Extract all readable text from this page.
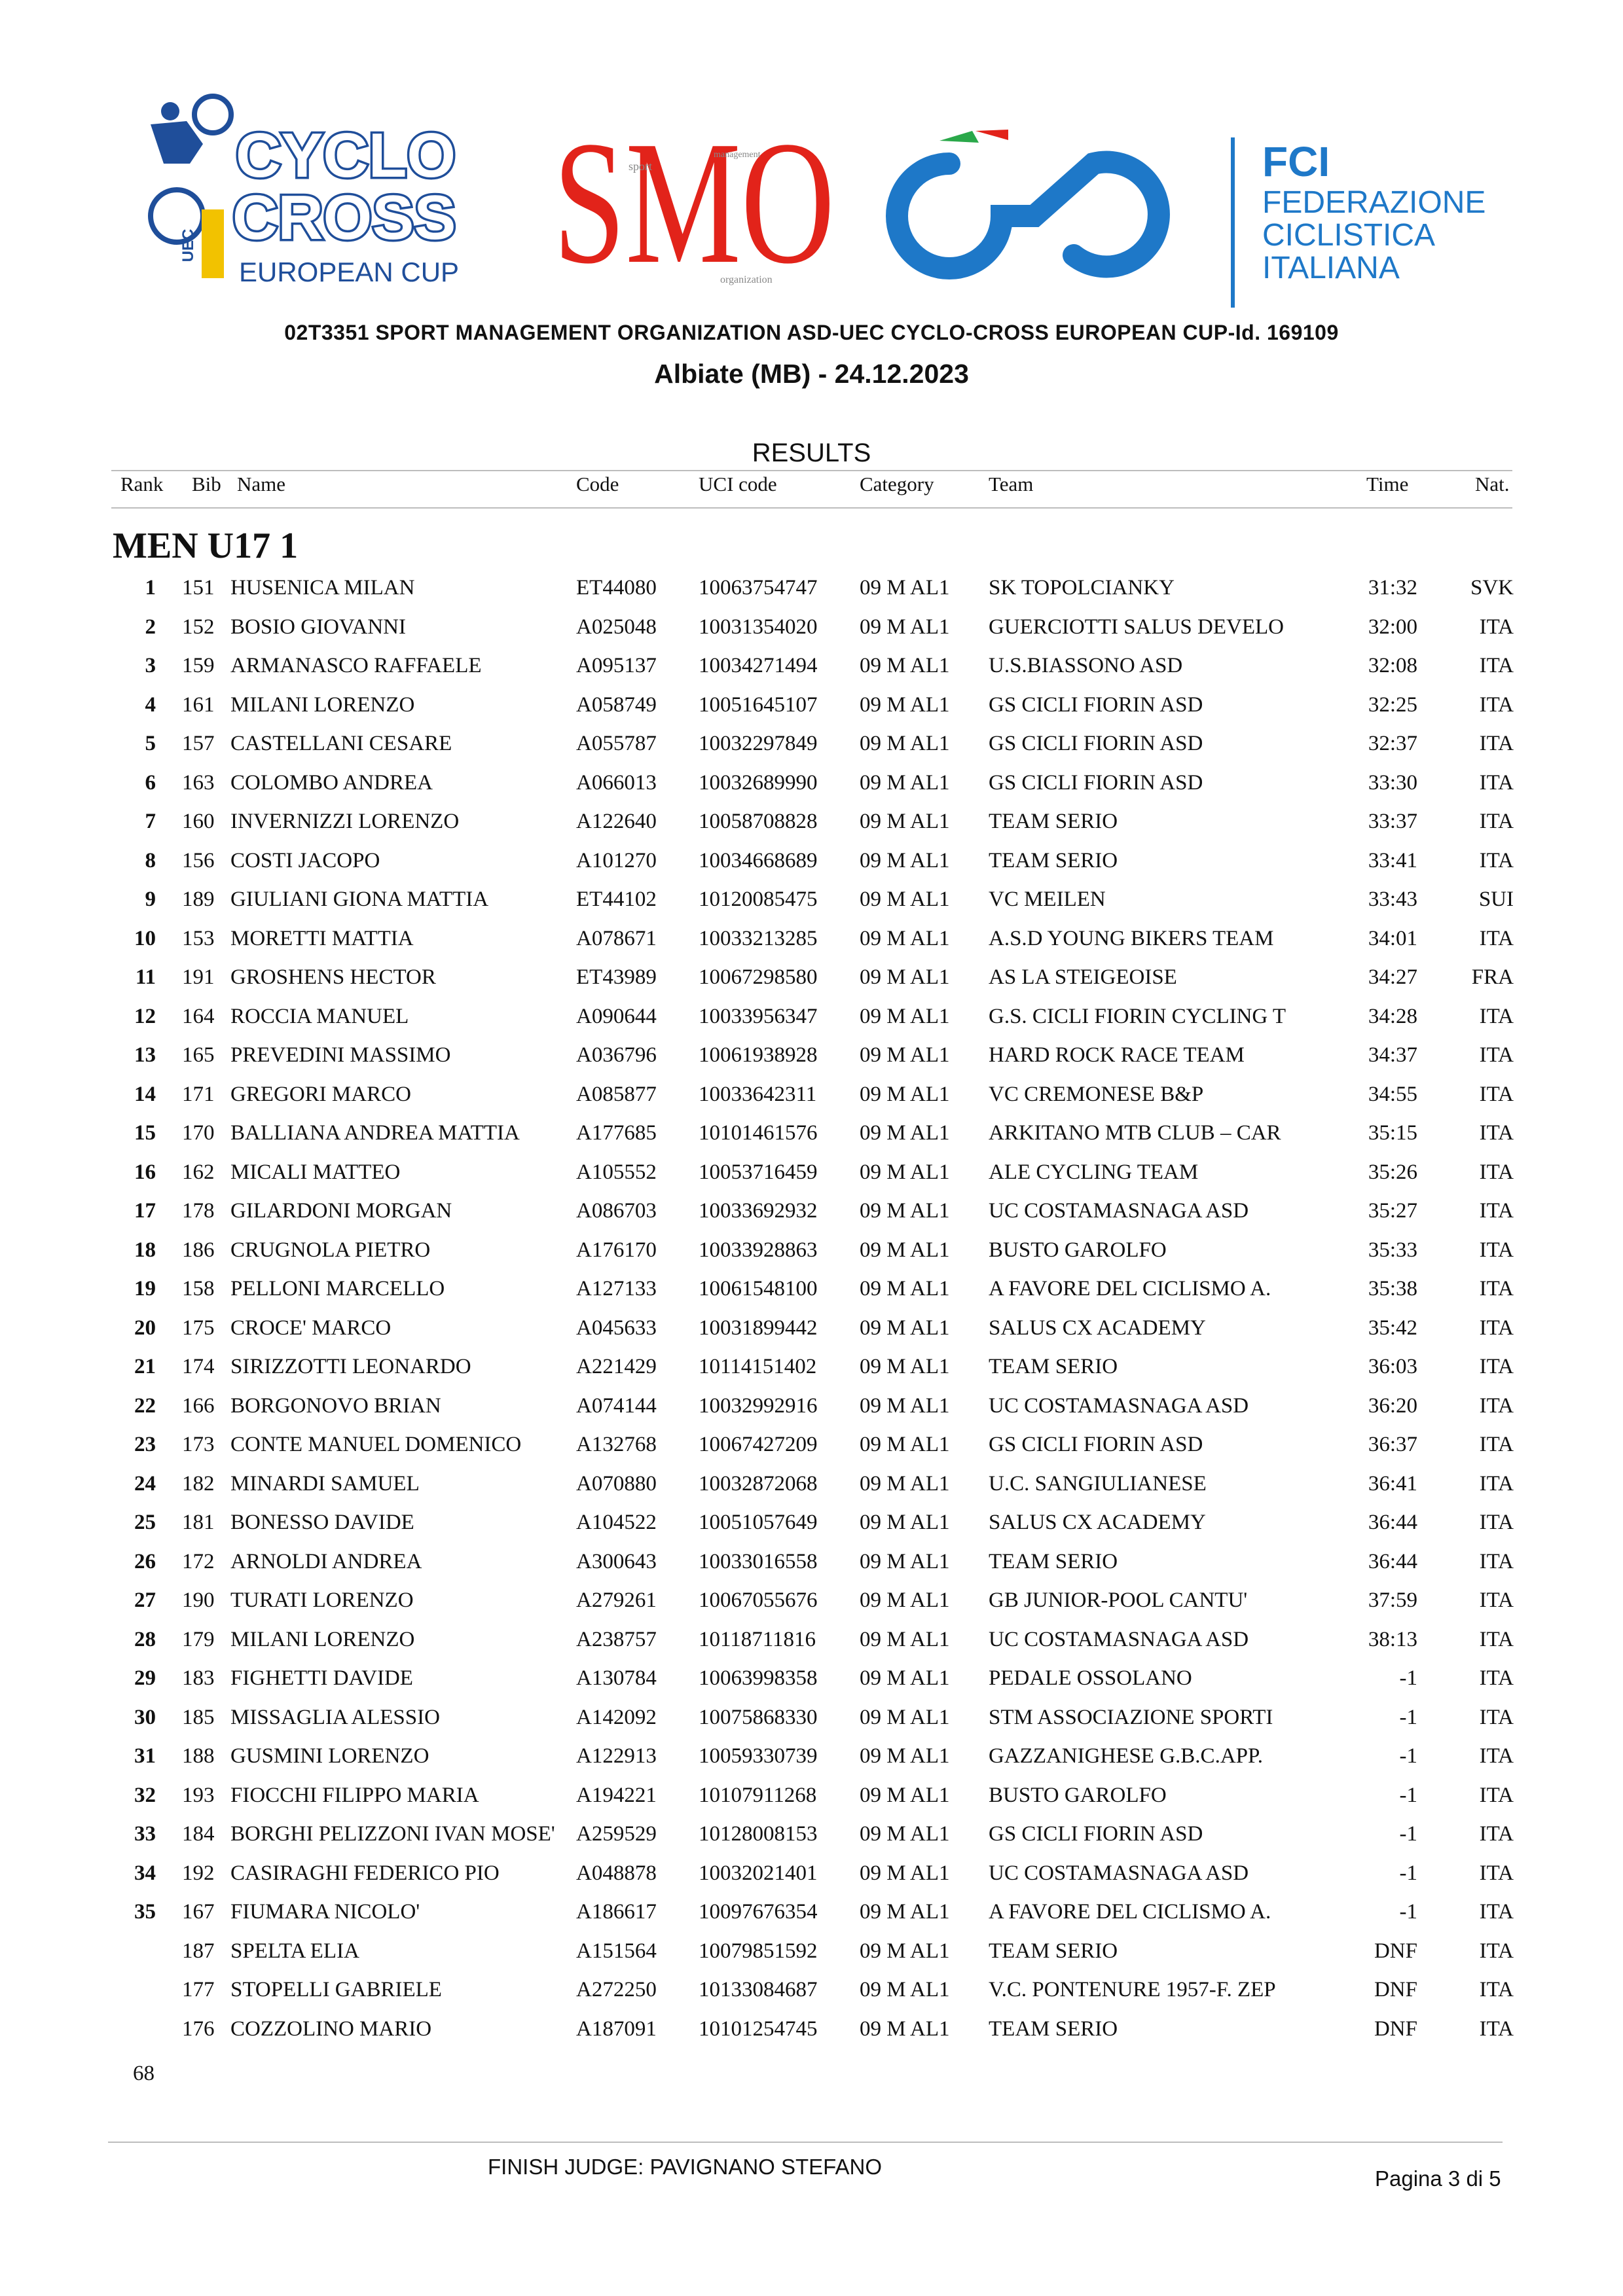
UEC
CYCLO
CROSS
EUROPEAN CUP SMO
sport
management
organization
FCI
FEDERAZIONE
CICLISTICA
ITALIANA
02T3351 SPORT MANAGEMENT ORGANIZATION ASD-UEC CYCLO-CROSS EUROPEAN CUP-Id. 169109
Albiate (MB) - 24.12.2023
RESULTS
Rank Bib Name	Code	UCI code	Category	Team	Time	Nat.
MEN U17 1
1 151 HUSENICA MILAN	ET44080 10063754747 09 M AL1 SK TOPOLCIANKY	31:32	SVK
2 152 BOSIO GIOVANNI	A025048 10031354020 09 M AL1 GUERCIOTTI SALUS DEVELO	32:00	ITA
3 159 ARMANASCO RAFFAELE	A095137 10034271494 09 M AL1 U.S.BIASSONO ASD	32:08	ITA
4 161 MILANI LORENZO	A058749 10051645107 09 M AL1 GS CICLI FIORIN ASD	32:25	ITA
5 157 CASTELLANI CESARE	A055787 10032297849 09 M AL1 GS CICLI FIORIN ASD	32:37	ITA
6 163 COLOMBO ANDREA	A066013 10032689990 09 M AL1 GS CICLI FIORIN ASD	33:30	ITA
7 160 INVERNIZZI LORENZO	A122640 10058708828 09 M AL1 TEAM SERIO	33:37	ITA
8 156 COSTI JACOPO	A101270 10034668689 09 M AL1 TEAM SERIO	33:41	ITA
9 189 GIULIANI GIONA MATTIA	ET44102 10120085475 09 M AL1 VC MEILEN	33:43	SUI
10 153 MORETTI MATTIA	A078671 10033213285 09 M AL1 A.S.D YOUNG BIKERS TEAM	34:01	ITA
11 191 GROSHENS HECTOR	ET43989 10067298580 09 M AL1 AS LA STEIGEOISE	34:27	FRA
12 164 ROCCIA MANUEL	A090644 10033956347 09 M AL1 G.S. CICLI FIORIN CYCLING T	34:28	ITA
13 165 PREVEDINI MASSIMO	A036796 10061938928 09 M AL1 HARD ROCK RACE TEAM	34:37	ITA
14 171 GREGORI MARCO	A085877 10033642311 09 M AL1 VC CREMONESE B&P	34:55	ITA
15 170 BALLIANA ANDREA MATTIA	A177685 10101461576 09 M AL1 ARKITANO MTB CLUB – CAR	35:15	ITA
16 162 MICALI MATTEO	A105552 10053716459 09 M AL1 ALE CYCLING TEAM	35:26	ITA
17 178 GILARDONI MORGAN	A086703 10033692932 09 M AL1 UC COSTAMASNAGA ASD	35:27	ITA
18 186 CRUGNOLA PIETRO	A176170 10033928863 09 M AL1 BUSTO GAROLFO	35:33	ITA
19 158 PELLONI MARCELLO	A127133 10061548100 09 M AL1 A FAVORE DEL CICLISMO A.	35:38	ITA
20 175 CROCE' MARCO	A045633 10031899442 09 M AL1 SALUS CX ACADEMY	35:42	ITA
21 174 SIRIZZOTTI LEONARDO	A221429 10114151402 09 M AL1 TEAM SERIO	36:03	ITA
22 166 BORGONOVO BRIAN	A074144 10032992916 09 M AL1 UC COSTAMASNAGA ASD	36:20	ITA
23 173 CONTE MANUEL DOMENICO	A132768 10067427209 09 M AL1 GS CICLI FIORIN ASD	36:37	ITA
24 182 MINARDI SAMUEL	A070880 10032872068 09 M AL1 U.C. SANGIULIANESE	36:41	ITA
25 181 BONESSO DAVIDE	A104522 10051057649 09 M AL1 SALUS CX ACADEMY	36:44	ITA
26 172 ARNOLDI ANDREA	A300643 10033016558 09 M AL1 TEAM SERIO	36:44	ITA
27 190 TURATI LORENZO	A279261 10067055676 09 M AL1 GB JUNIOR-POOL CANTU'	37:59	ITA
28 179 MILANI LORENZO	A238757 10118711816 09 M AL1 UC COSTAMASNAGA ASD	38:13	ITA
29 183 FIGHETTI DAVIDE	A130784 10063998358 09 M AL1 PEDALE OSSOLANO	-1	ITA
30 185 MISSAGLIA ALESSIO	A142092 10075868330 09 M AL1 STM ASSOCIAZIONE SPORTI	-1	ITA
31 188 GUSMINI LORENZO	A122913 10059330739 09 M AL1 GAZZANIGHESE G.B.C.APP.	-1	ITA
32 193 FIOCCHI FILIPPO MARIA	A194221 10107911268 09 M AL1 BUSTO GAROLFO	-1	ITA
33 184 BORGHI PELIZZONI IVAN MOSE' A259529 10128008153 09 M AL1 GS CICLI FIORIN ASD	-1	ITA
34 192 CASIRAGHI FEDERICO PIO	A048878 10032021401 09 M AL1 UC COSTAMASNAGA ASD	-1	ITA
35 167 FIUMARA NICOLO'	A186617 10097676354 09 M AL1 A FAVORE DEL CICLISMO A.	-1	ITA
187 SPELTA ELIA	A151564 10079851592 09 M AL1 TEAM SERIO	DNF	ITA
177 STOPELLI GABRIELE	A272250 10133084687 09 M AL1 V.C. PONTENURE 1957-F. ZEP	DNF	ITA
176 COZZOLINO MARIO	A187091 10101254745 09 M AL1 TEAM SERIO	DNF	ITA
68
FINISH JUDGE: PAVIGNANO STEFANO	Pagina 3 di 5
